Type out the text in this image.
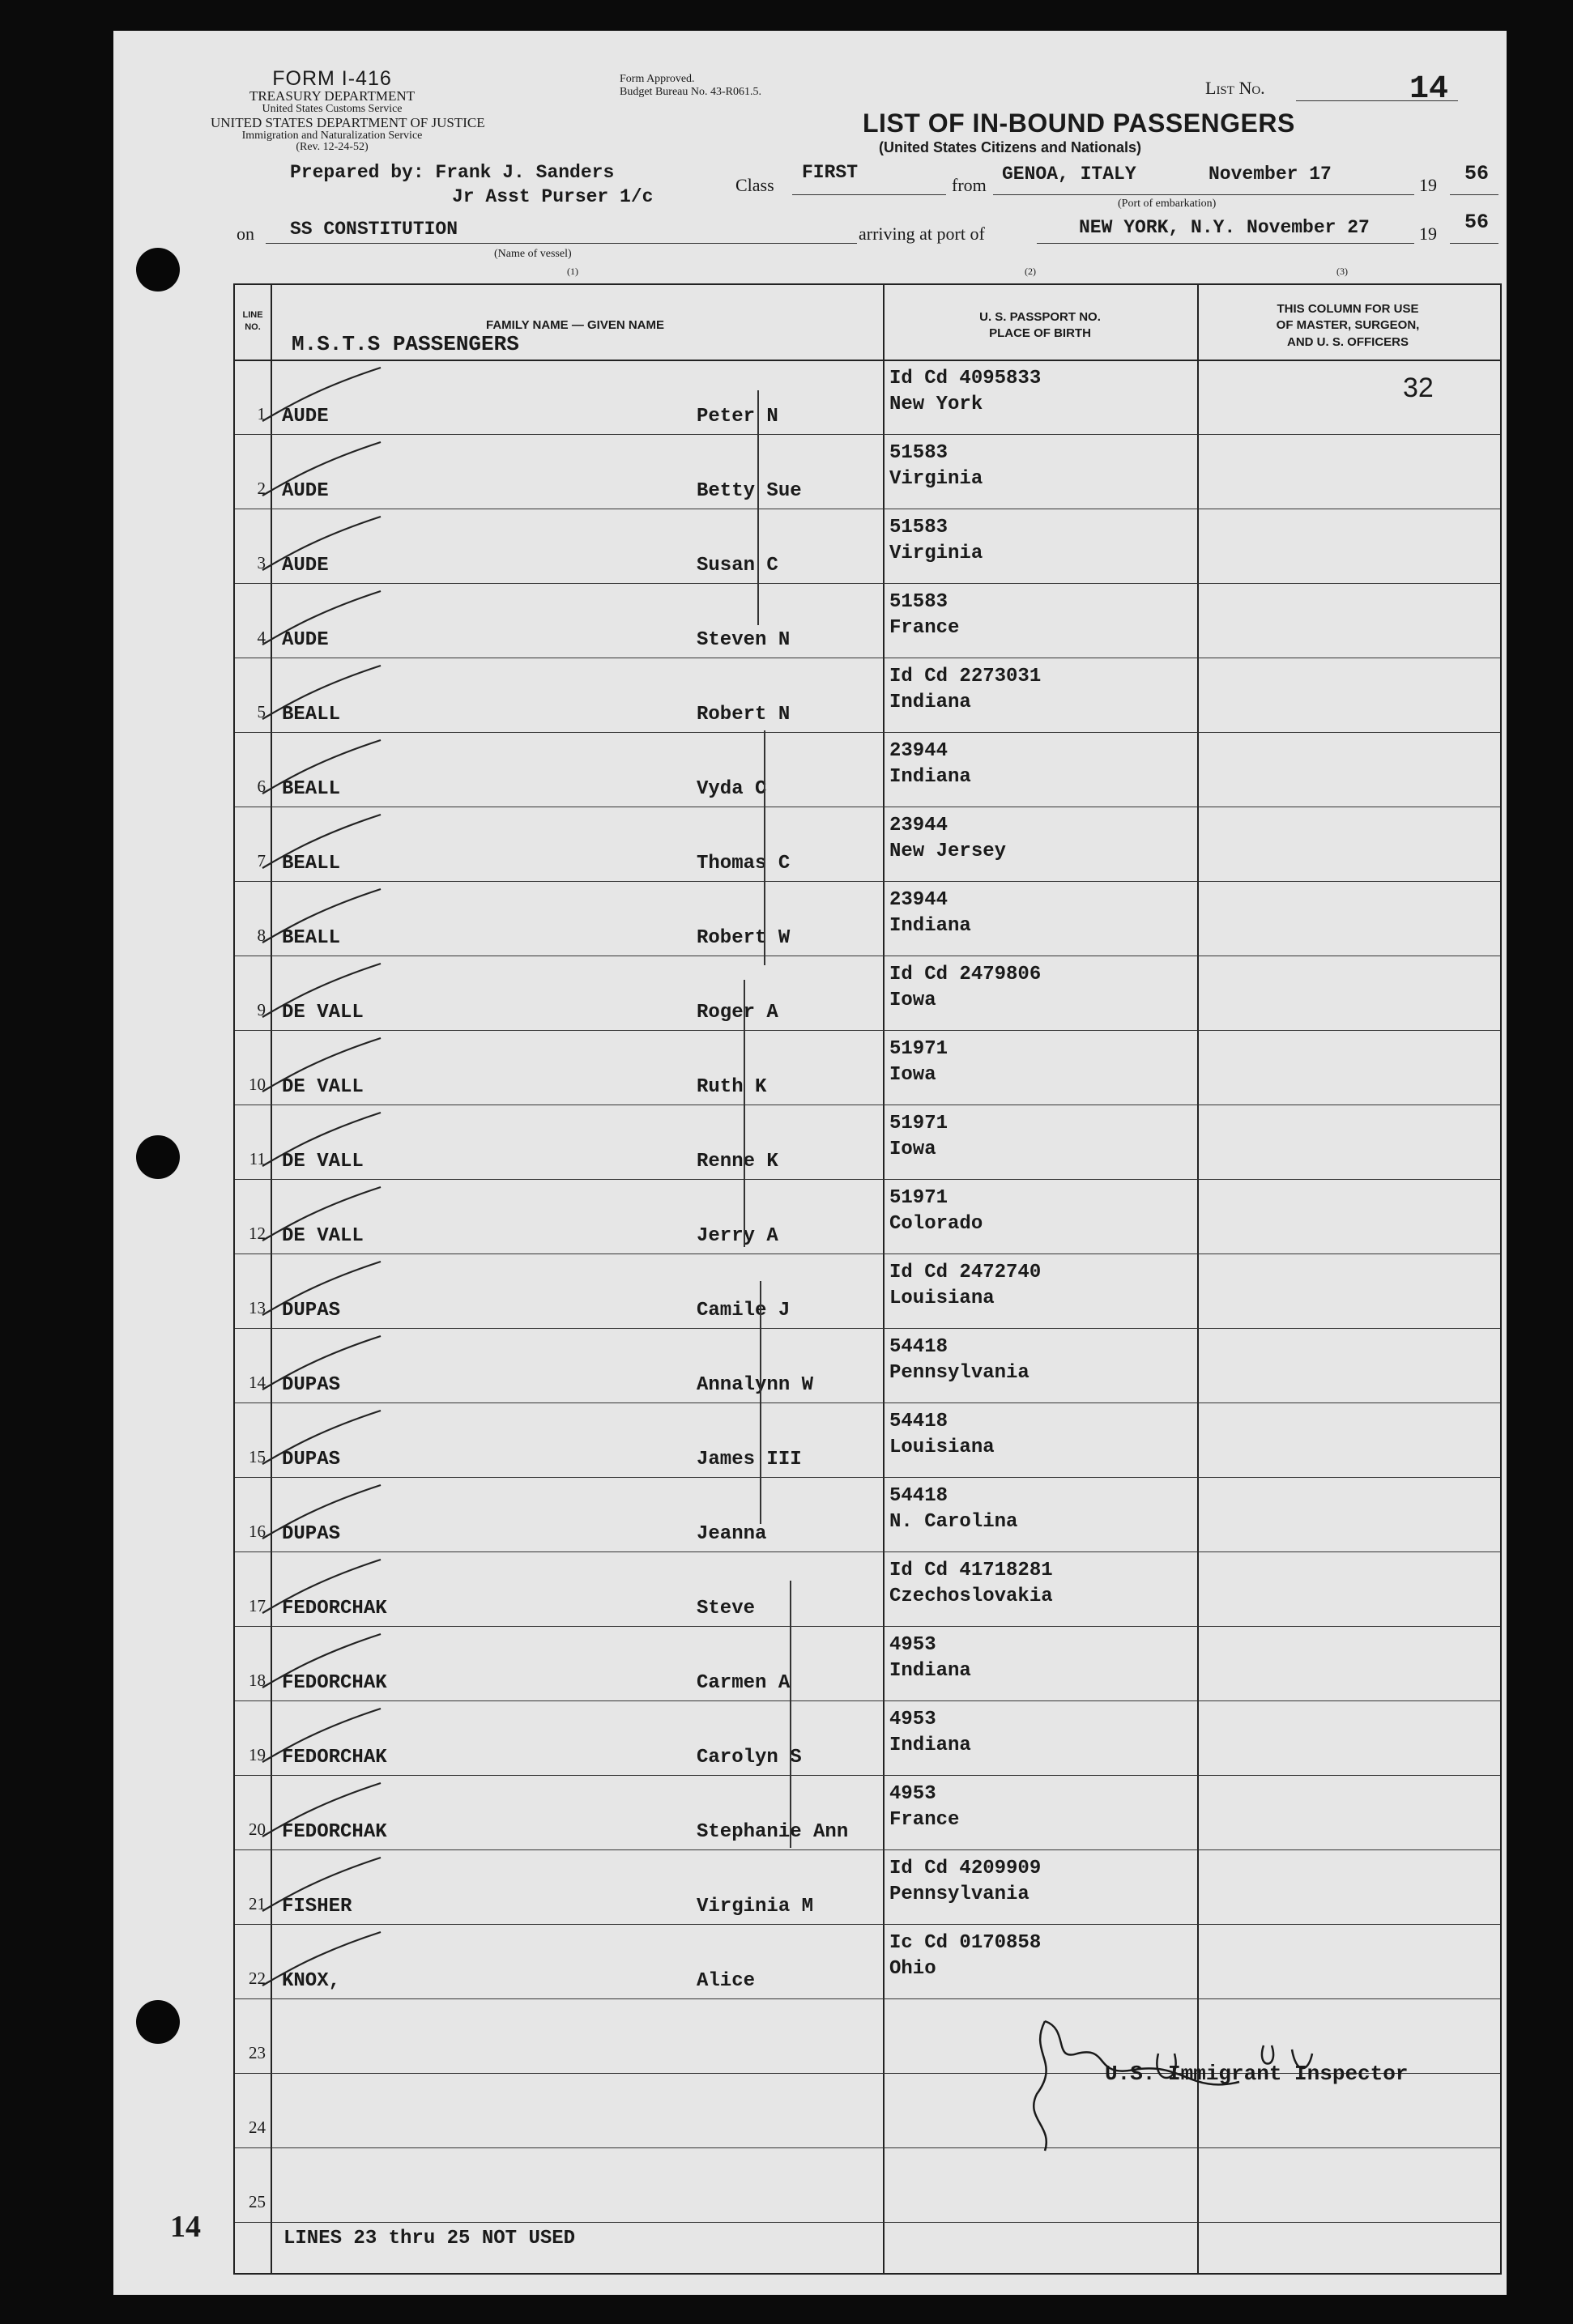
FORM I-416
TREASURY DEPARTMENT
United States Customs Service
UNITED STATES DEPARTMENT OF JUSTICE
Immigration and Naturalization Service
(Rev. 12-24-52)
Form Approved.
Budget Bureau No. 43-R061.5.	List No.	14
LIST OF IN-BOUND PASSENGERS
(United States Citizens and Nationals)
Prepared by: Frank J. Sanders
Jr Asst Purser 1/c
Class
FIRST
from
GENOA, ITALY	November 17
19 56
(Port of embarkation)
on SS CONSTITUTION	arriving at port of	NEW YORK, N.Y. November 27	19 56
(Name of vessel)
(1)	(2)	(3)
LINE NO.	FAMILY NAME — GIVEN NAME
M.S.T.S PASSENGERS
U. S. PASSPORT NO.
PLACE OF BIRTH
THIS COLUMN FOR USE
OF MASTER, SURGEON,
AND U. S. OFFICERS
1 AUDE	Peter N
Id Cd 4095833
New York
32
2 AUDE	Betty Sue
51583
Virginia
3 AUDE	Susan C
51583
Virginia
4 AUDE	Steven N
51583
France
5 BEALL	Robert N
Id Cd 2273031
Indiana
6 BEALL	Vyda C
23944
Indiana
7 BEALL	Thomas C
23944
New Jersey
8 BEALL	Robert W
23944
Indiana
9 DE VALL	Roger A
Id Cd 2479806
Iowa
10 DE VALL	Ruth K
51971
Iowa
11 DE VALL	Renne K
51971
Iowa
12 DE VALL	Jerry A
51971
Colorado
13 DUPAS	Camile J
Id Cd 2472740
Louisiana
14 DUPAS	Annalynn W
54418
Pennsylvania
15 DUPAS	James III
54418
Louisiana
16 DUPAS	Jeanna
54418
N. Carolina
17 FEDORCHAK	Steve
Id Cd 41718281
Czechoslovakia
18 FEDORCHAK	Carmen A
4953
Indiana
19 FEDORCHAK	Carolyn S
4953
Indiana
20 FEDORCHAK	Stephanie Ann
4953
France
21 FISHER	Virginia M
Id Cd 4209909
Pennsylvania
22 KNOX,	Alice
Ic Cd 0170858
Ohio
23
24
25
U.S. Immigrant Inspector
14	LINES 23 thru 25 NOT USED
